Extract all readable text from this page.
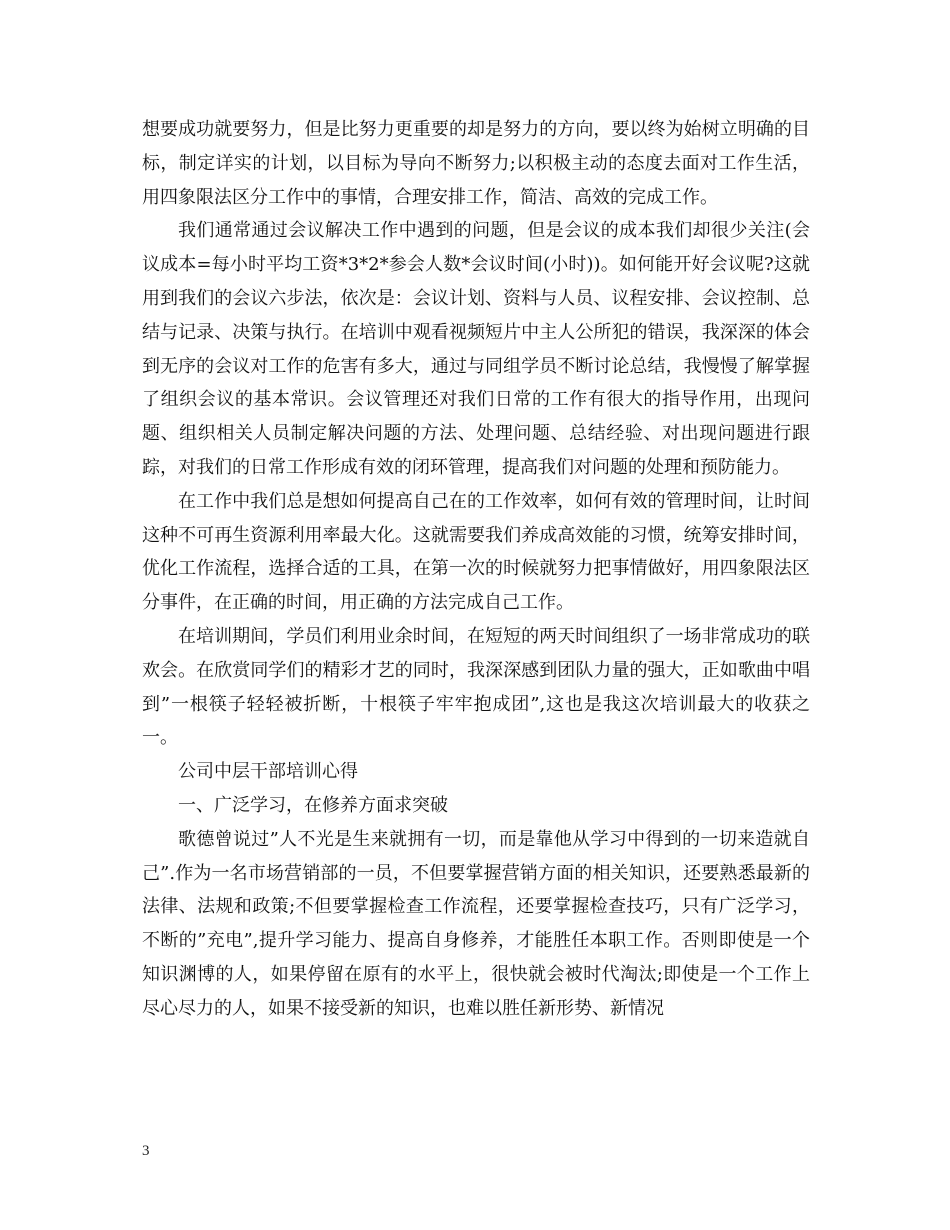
想要成功就要努力，但是比努力更重要的却是努力的方向，要以终为始树立明确的目标，制定详实的计划，以目标为导向不断努力;以积极主动的态度去面对工作生活，用四象限法区分工作中的事情，合理安排工作，简洁、高效的完成工作。

我们通常通过会议解决工作中遇到的问题，但是会议的成本我们却很少关注(会议成本=每小时平均工资*3*2*参会人数*会议时间(小时))。如何能开好会议呢?这就用到我们的会议六步法，依次是：会议计划、资料与人员、议程安排、会议控制、总结与记录、决策与执行。在培训中观看视频短片中主人公所犯的错误，我深深的体会到无序的会议对工作的危害有多大，通过与同组学员不断讨论总结，我慢慢了解掌握了组织会议的基本常识。会议管理还对我们日常的工作有很大的指导作用，出现问题、组织相关人员制定解决问题的方法、处理问题、总结经验、对出现问题进行跟踪，对我们的日常工作形成有效的闭环管理，提高我们对问题的处理和预防能力。

在工作中我们总是想如何提高自己在的工作效率，如何有效的管理时间，让时间这种不可再生资源利用率最大化。这就需要我们养成高效能的习惯，统筹安排时间，优化工作流程，选择合适的工具，在第一次的时候就努力把事情做好，用四象限法区分事件，在正确的时间，用正确的方法完成自己工作。

在培训期间，学员们利用业余时间，在短短的两天时间组织了一场非常成功的联欢会。在欣赏同学们的精彩才艺的同时，我深深感到团队力量的强大，正如歌曲中唱到”一根筷子轻轻被折断，十根筷子牢牢抱成团”,这也是我这次培训最大的收获之一。

公司中层干部培训心得

一、广泛学习，在修养方面求突破

歌德曾说过”人不光是生来就拥有一切，而是靠他从学习中得到的一切来造就自己”.作为一名市场营销部的一员，不但要掌握营销方面的相关知识，还要熟悉最新的法律、法规和政策;不但要掌握检查工作流程，还要掌握检查技巧，只有广泛学习，不断的”充电”,提升学习能力、提高自身修养，才能胜任本职工作。否则即使是一个知识渊博的人，如果停留在原有的水平上，很快就会被时代淘汰;即使是一个工作上尽心尽力的人，如果不接受新的知识，也难以胜任新形势、新情况

3
